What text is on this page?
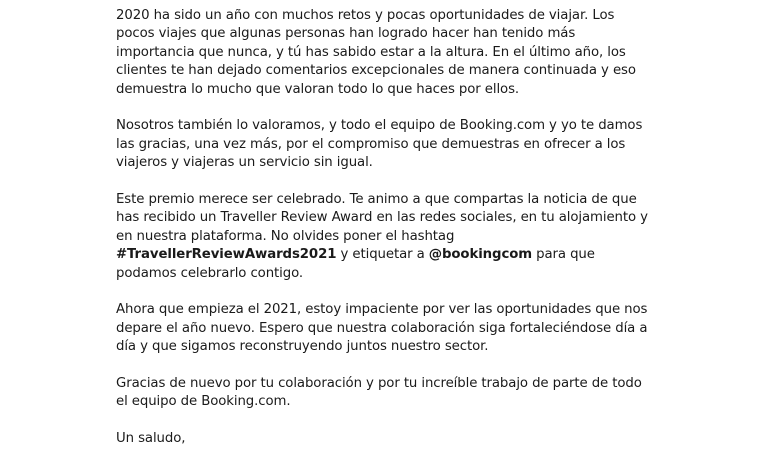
2020 ha sido un año con muchos retos y pocas oportunidades de viajar. Los pocos viajes que algunas personas han logrado hacer han tenido más importancia que nunca, y tú has sabido estar a la altura. En el último año, los clientes te han dejado comentarios excepcionales de manera continuada y eso demuestra lo mucho que valoran todo lo que haces por ellos.

Nosotros también lo valoramos, y todo el equipo de Booking.com y yo te damos las gracias, una vez más, por el compromiso que demuestras en ofrecer a los viajeros y viajeras un servicio sin igual.

Este premio merece ser celebrado. Te animo a que compartas la noticia de que has recibido un Traveller Review Award en las redes sociales, en tu alojamiento y en nuestra plataforma. No olvides poner el hashtag #TravellerReviewAwards2021 y etiquetar a @bookingcom para que podamos celebrarlo contigo.

Ahora que empieza el 2021, estoy impaciente por ver las oportunidades que nos depare el año nuevo. Espero que nuestra colaboración siga fortaleciéndose día a día y que sigamos reconstruyendo juntos nuestro sector.

Gracias de nuevo por tu colaboración y por tu increíble trabajo de parte de todo el equipo de Booking.com.

Un saludo,
